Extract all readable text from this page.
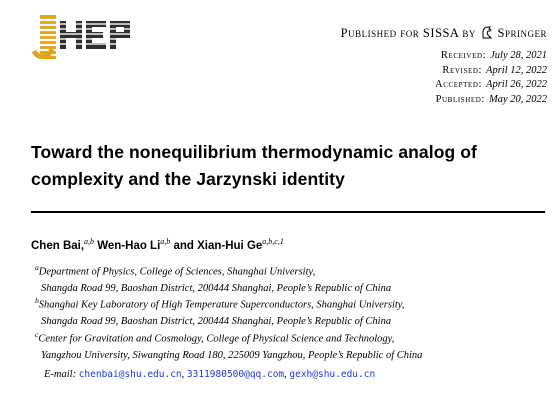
Published for SISSA by Springer
Received: July 28, 2021
Revised: April 12, 2022
Accepted: April 26, 2022
Published: May 20, 2022
Toward the nonequilibrium thermodynamic analog of
complexity and the Jarzynski identity
Chen Bai,$^{a,b}$ Wen-Hao Li$^{a,b}$ and Xian-Hui Ge$^{a,b,c,1}$
$^a$Department of Physics, College of Sciences, Shanghai University,
Shangda Road 99, Baoshan District, 200444 Shanghai, People’s Republic of China
$^b$Shanghai Key Laboratory of High Temperature Superconductors, Shanghai University,
Shangda Road 99, Baoshan District, 200444 Shanghai, People’s Republic of China
$^c$Center for Gravitation and Cosmology, College of Physical Science and Technology,
Yangzhou University, Siwangting Road 180, 225009 Yangzhou, People’s Republic of China
E-mail: chenbai@shu.edu.cn, 3311980500@qq.com, gexh@shu.edu.cn
